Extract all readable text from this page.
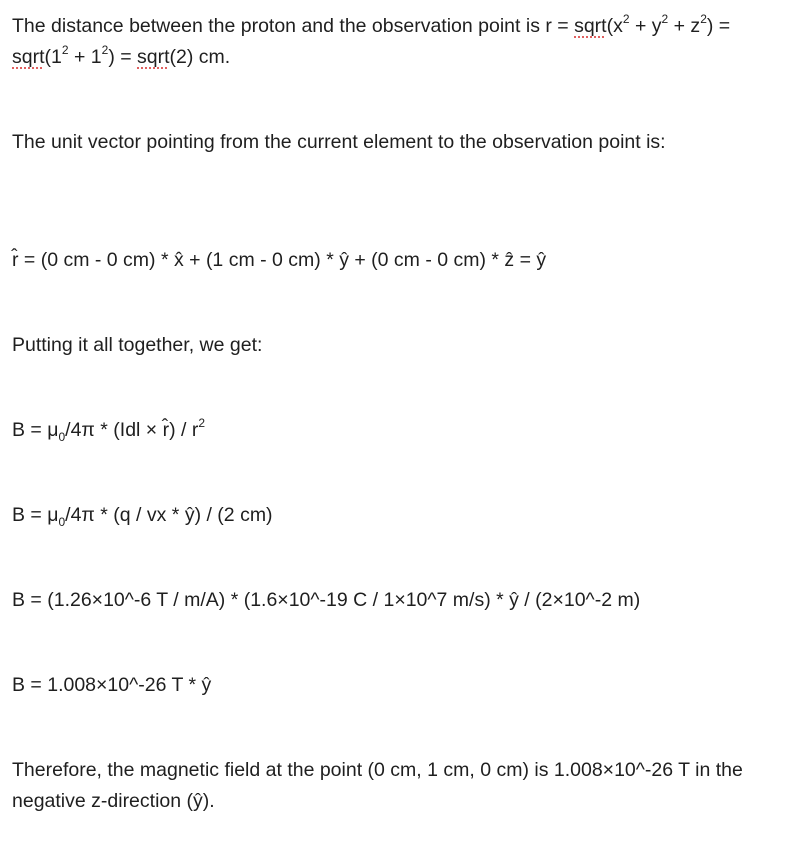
The distance between the proton and the observation point is $r = sqrt(x^2 + y^2 + z^2)$ = $sqrt(1^2 + 1^2)$ = sqrt(2) cm.

The unit vector pointing from the current element to the observation point is:

r̂ = (0 cm - 0 cm) * x̂ + (1 cm - 0 cm) * ŷ + (0 cm - 0 cm) * ẑ = ŷ

Putting it all together, we get:

$B = \mu_0/4\pi * (Idl$ × r̂) / $r^2$

$B = \mu_0/4\pi * (q$ / vx * ŷ) / (2 cm)

B = (1.26×10^-6 T / m/A) * (1.6×10^-19 C / 1×10^7 m/s) * ŷ / (2×10^-2 m)

B = 1.008×10^-26 T * ŷ

Therefore, the magnetic field at the point (0 cm, 1 cm, 0 cm) is 1.008×10^-26 T in the negative z-direction (ŷ).
